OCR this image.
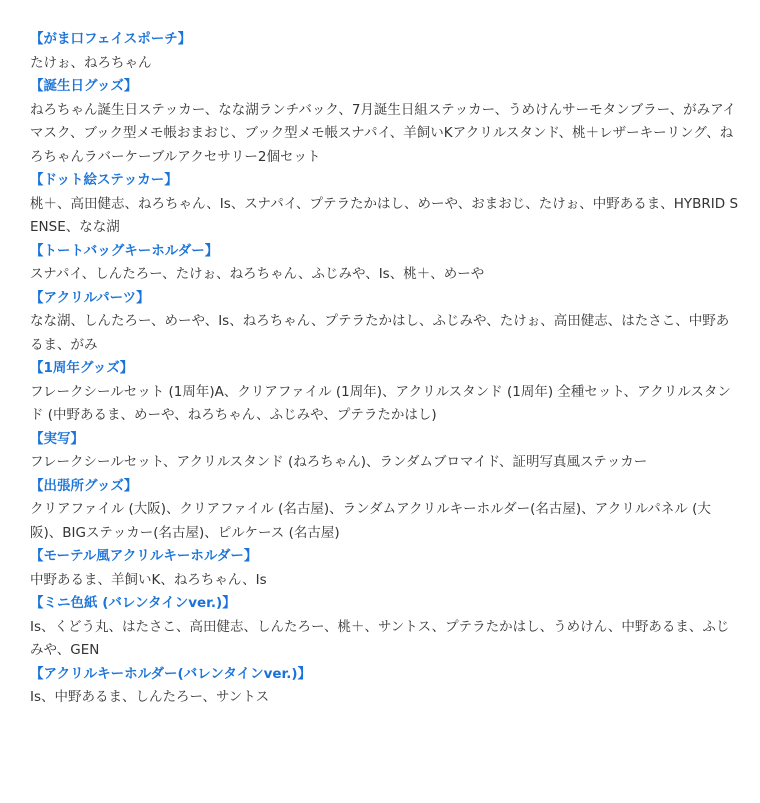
【がま口フェイスポーチ】
たけぉ、ねろちゃん
【誕生日グッズ】
ねろちゃん誕生日ステッカー、なな湖ランチバック、7月誕生日組ステッカー、うめけんサーモタンブラー、がみアイマスク、ブック型メモ帳おまおじ、ブック型メモ帳スナパイ、羊飼いKアクリルスタンド、桃＋レザーキーリング、ねろちゃんラバーケーブルアクセサリー2個セット
【ドット絵ステッカー】
桃＋、高田健志、ねろちゃん、Is、スナパイ、プテラたかはし、めーや、おまおじ、たけぉ、中野あるま、HYBRID SENSE、なな湖
【トートバッグキーホルダー】
スナパイ、しんたろー、たけぉ、ねろちゃん、ふじみや、Is、桃＋、めーや
【アクリルパーツ】
なな湖、しんたろー、めーや、Is、ねろちゃん、プテラたかはし、ふじみや、たけぉ、高田健志、はたさこ、中野あるま、がみ
【1周年グッズ】
フレークシールセット (1周年)A、クリアファイル (1周年)、アクリルスタンド (1周年) 全種セット、アクリルスタンド (中野あるま、めーや、ねろちゃん、ふじみや、プテラたかはし)
【実写】
フレークシールセット、アクリルスタンド (ねろちゃん)、ランダムブロマイド、証明写真風ステッカー
【出張所グッズ】
クリアファイル (大阪)、クリアファイル (名古屋)、ランダムアクリルキーホルダー(名古屋)、アクリルパネル (大阪)、BIGステッカー(名古屋)、ピルケース (名古屋)
【モーテル風アクリルキーホルダー】
中野あるま、羊飼いK、ねろちゃん、Is
【ミニ色紙 (バレンタインver.)】
Is、くどう丸、はたさこ、高田健志、しんたろー、桃＋、サントス、プテラたかはし、うめけん、中野あるま、ふじみや、GEN
【アクリルキーホルダー(バレンタインver.)】
Is、中野あるま、しんたろー、サントス
